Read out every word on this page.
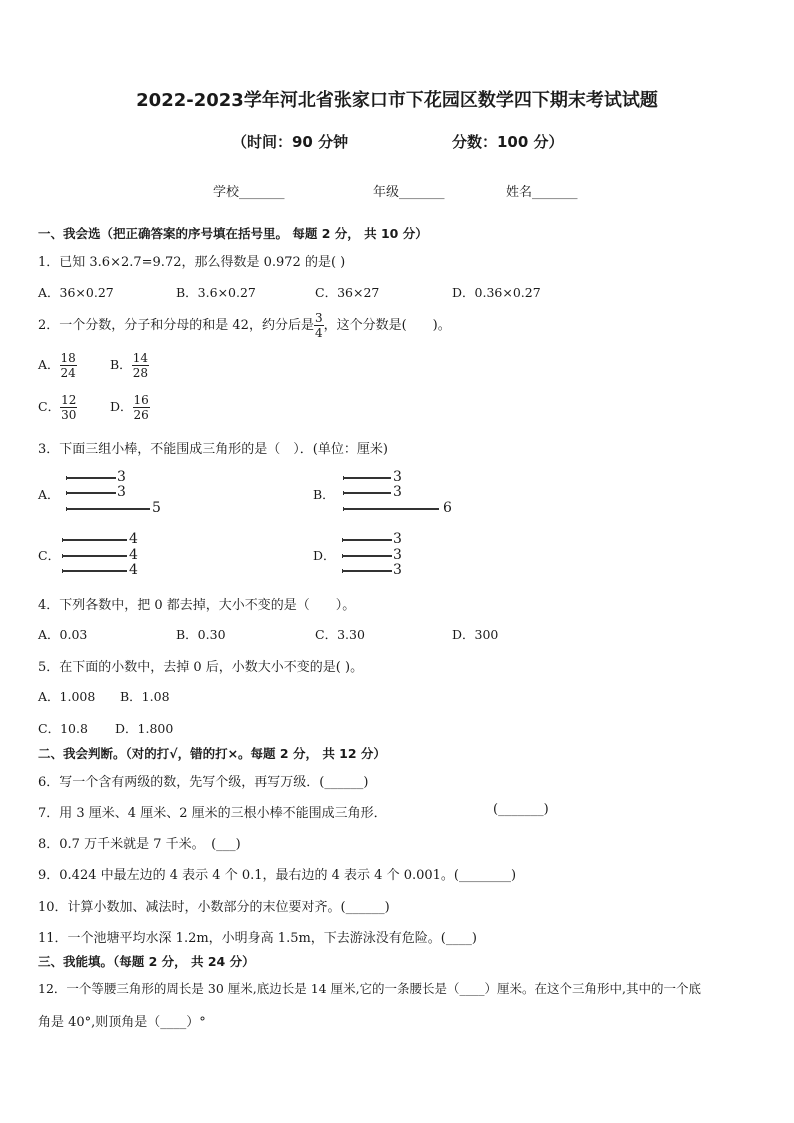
2022-2023学年河北省张家口市下花园区数学四下期末考试试题
（时间：90 分钟	分数：100 分）
学校_______	年级_______	姓名_______
一、我会选（把正确答案的序号填在括号里。 每题 2 分， 共 10 分）
1．已知 3.6×2.7=9.72，那么得数是 0.972 的是( )
A．36×0.27	B．3.6×0.27	C．36×27	D．0.36×0.27
2．一个分数，分子和分母的和是 42，约分后是 $\frac{3}{4}$ ，这个分数是(　　)。
A． $\frac{18}{24}$	B． $\frac{14}{28}$
C． $\frac{12}{30}$	D． $\frac{16}{26}$
3．下面三组小棒，不能围成三角形的是（　）．(单位：厘米)
A．	B．
C．	D．
3
3
5
3
3
6
4
4
4
3
3
3
4．下列各数中，把 0 都去掉，大小不变的是（　　）。
A．0.03	B．0.30	C．3.30	D．300
5．在下面的小数中，去掉 0 后，小数大小不变的是( )。
A．1.008 B．1.08
C．10.8 D．1.800
二、我会判断。（对的打√，错的打×。每题 2 分， 共 12 分）
6．写一个含有两级的数，先写个级，再写万级．(______)
7．用 3 厘米、4 厘米、2 厘米的三根小棒不能围成三角形．	(_______)
8．0.7 万千米就是 7 千米。　(___)
9．0.424 中最左边的 4 表示 4 个 0.1，最右边的 4 表示 4 个 0.001。(________)
10．计算小数加、减法时，小数部分的末位要对齐。(______)
11．一个池塘平均水深 1.2m，小明身高 1.5m，下去游泳没有危险。(____)
三、我能填。（每题 2 分， 共 24 分）
12．一个等腰三角形的周长是 30 厘米,底边长是 14 厘米,它的一条腰长是（____）厘米。在这个三角形中,其中的一个底
角是 40°,则顶角是（____）°
